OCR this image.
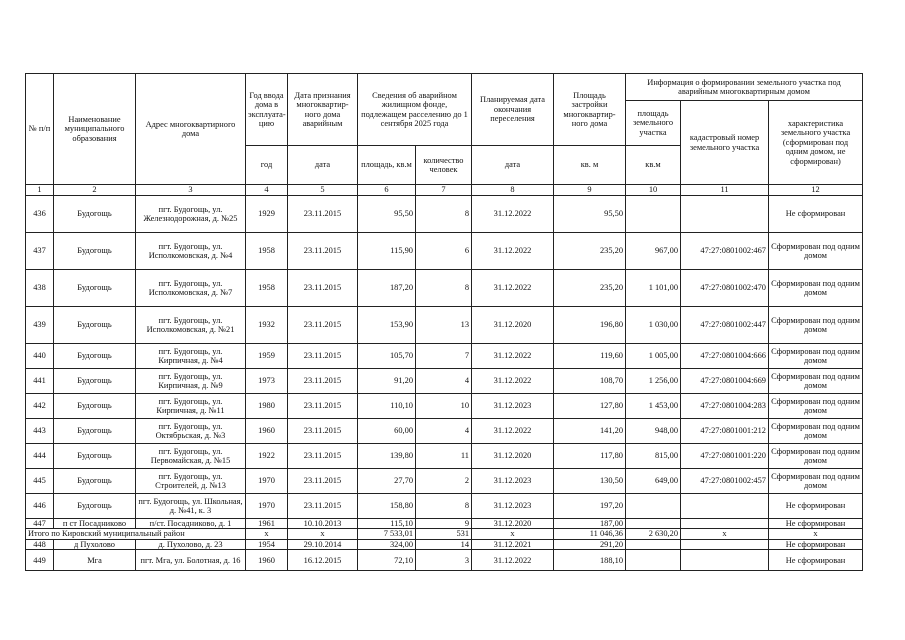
№ п/п	Наименование муниципального образования	Адрес многоквартирного дома	Год ввода дома в эксплуата-цию	Дата признания многоквартир-ного дома аварийным	Сведения об аварийном жилищном фонде, подлежащем расселению до 1 сентября 2025 года		Планируемая дата окончания переселения	Площадь застройки многоквартир-ного дома	Информация о формировании земельного участка под аварийным многоквартирным домом		
									площадь земельного участка	кадастровый номер земельного участка	характеристика земельного участка (сформирован под одним домом, не сформирован)
			год	дата	площадь, кв.м	количество человек	дата	кв. м	кв.м		
1	2	3	4	5	6	7	8	9	10	11	12
436	Будогощь	пгт. Будогощь, ул. Железнодорожная, д. №25	1929	23.11.2015	95,50	8	31.12.2022	95,50			Не сформирован
437	Будогощь	пгт. Будогощь, ул. Исполкомовская, д. №4	1958	23.11.2015	115,90	6	31.12.2022	235,20	967,00	47:27:0801002:467	Сформирован под одним домом
438	Будогощь	пгт. Будогощь, ул. Исполкомовская, д. №7	1958	23.11.2015	187,20	8	31.12.2022	235,20	1 101,00	47:27:0801002:470	Сформирован под одним домом
439	Будогощь	пгт. Будогощь, ул. Исполкомовская, д. №21	1932	23.11.2015	153,90	13	31.12.2020	196,80	1 030,00	47:27:0801002:447	Сформирован под одним домом
440	Будогощь	пгт. Будогощь, ул. Кирпичная, д. №4	1959	23.11.2015	105,70	7	31.12.2022	119,60	1 005,00	47:27:0801004:666	Сформирован под одним домом
441	Будогощь	пгт. Будогощь, ул. Кирпичная, д. №9	1973	23.11.2015	91,20	4	31.12.2022	108,70	1 256,00	47:27:0801004:669	Сформирован под одним домом
442	Будогощь	пгт. Будогощь, ул. Кирпичная, д. №11	1980	23.11.2015	110,10	10	31.12.2023	127,80	1 453,00	47:27:0801004:283	Сформирован под одним домом
443	Будогощь	пгт. Будогощь, ул. Октябрьская, д. №3	1960	23.11.2015	60,00	4	31.12.2022	141,20	948,00	47:27:0801001:212	Сформирован под одним домом
444	Будогощь	пгт. Будогощь, ул. Первомайская, д. №15	1922	23.11.2015	139,80	11	31.12.2020	117,80	815,00	47:27:0801001:220	Сформирован под одним домом
445	Будогощь	пгт. Будогощь, ул. Строителей, д. №13	1970	23.11.2015	27,70	2	31.12.2023	130,50	649,00	47:27:0801002:457	Сформирован под одним домом
446	Будогощь	пгт. Будогощь, ул. Школьная, д. №41, к. 3	1970	23.11.2015	158,80	8	31.12.2023	197,20			Не сформирован
447	п ст Посадниково	п/ст. Посадниково, д. 1	1961	10.10.2013	115,10	9	31.12.2020	187,00			Не сформирован
Итого по Кировский муниципальный район			x	x	7 533,01	531	x	11 046,36	2 630,20	x	x
448	д Пухолово	д. Пухолово, д. 23	1954	29.10.2014	324,00	14	31.12.2021	291,20			Не сформирован
449	Мга	пгт. Мга, ул. Болотная, д. 16	1960	16.12.2015	72,10	3	31.12.2022	188,10			Не сформирован
